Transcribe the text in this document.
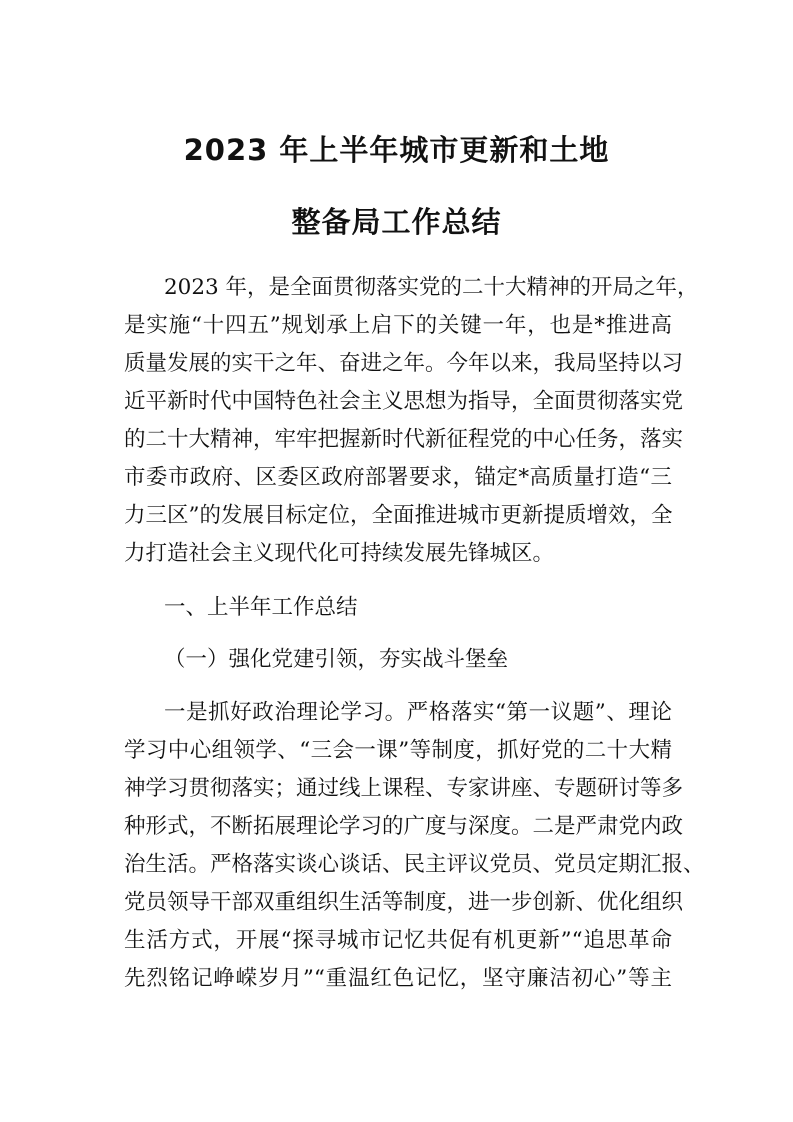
2023 年上半年城市更新和土地
整备局工作总结
2023 年，是全面贯彻落实党的二十大精神的开局之年，
是实施“十四五”规划承上启下的关键一年，也是*推进高
质量发展的实干之年、奋进之年。今年以来，我局坚持以习
近平新时代中国特色社会主义思想为指导，全面贯彻落实党
的二十大精神，牢牢把握新时代新征程党的中心任务，落实
市委市政府、区委区政府部署要求，锚定*高质量打造“三
力三区”的发展目标定位，全面推进城市更新提质增效，全
力打造社会主义现代化可持续发展先锋城区。
一、上半年工作总结
（一）强化党建引领，夯实战斗堡垒
一是抓好政治理论学习。严格落实“第一议题”、理论
学习中心组领学、“三会一课”等制度，抓好党的二十大精
神学习贯彻落实；通过线上课程、专家讲座、专题研讨等多
种形式，不断拓展理论学习的广度与深度。二是严肃党内政
治生活。严格落实谈心谈话、民主评议党员、党员定期汇报、
党员领导干部双重组织生活等制度，进一步创新、优化组织
生活方式，开展“探寻城市记忆共促有机更新”“追思革命
先烈铭记峥嵘岁月”“重温红色记忆，坚守廉洁初心”等主
